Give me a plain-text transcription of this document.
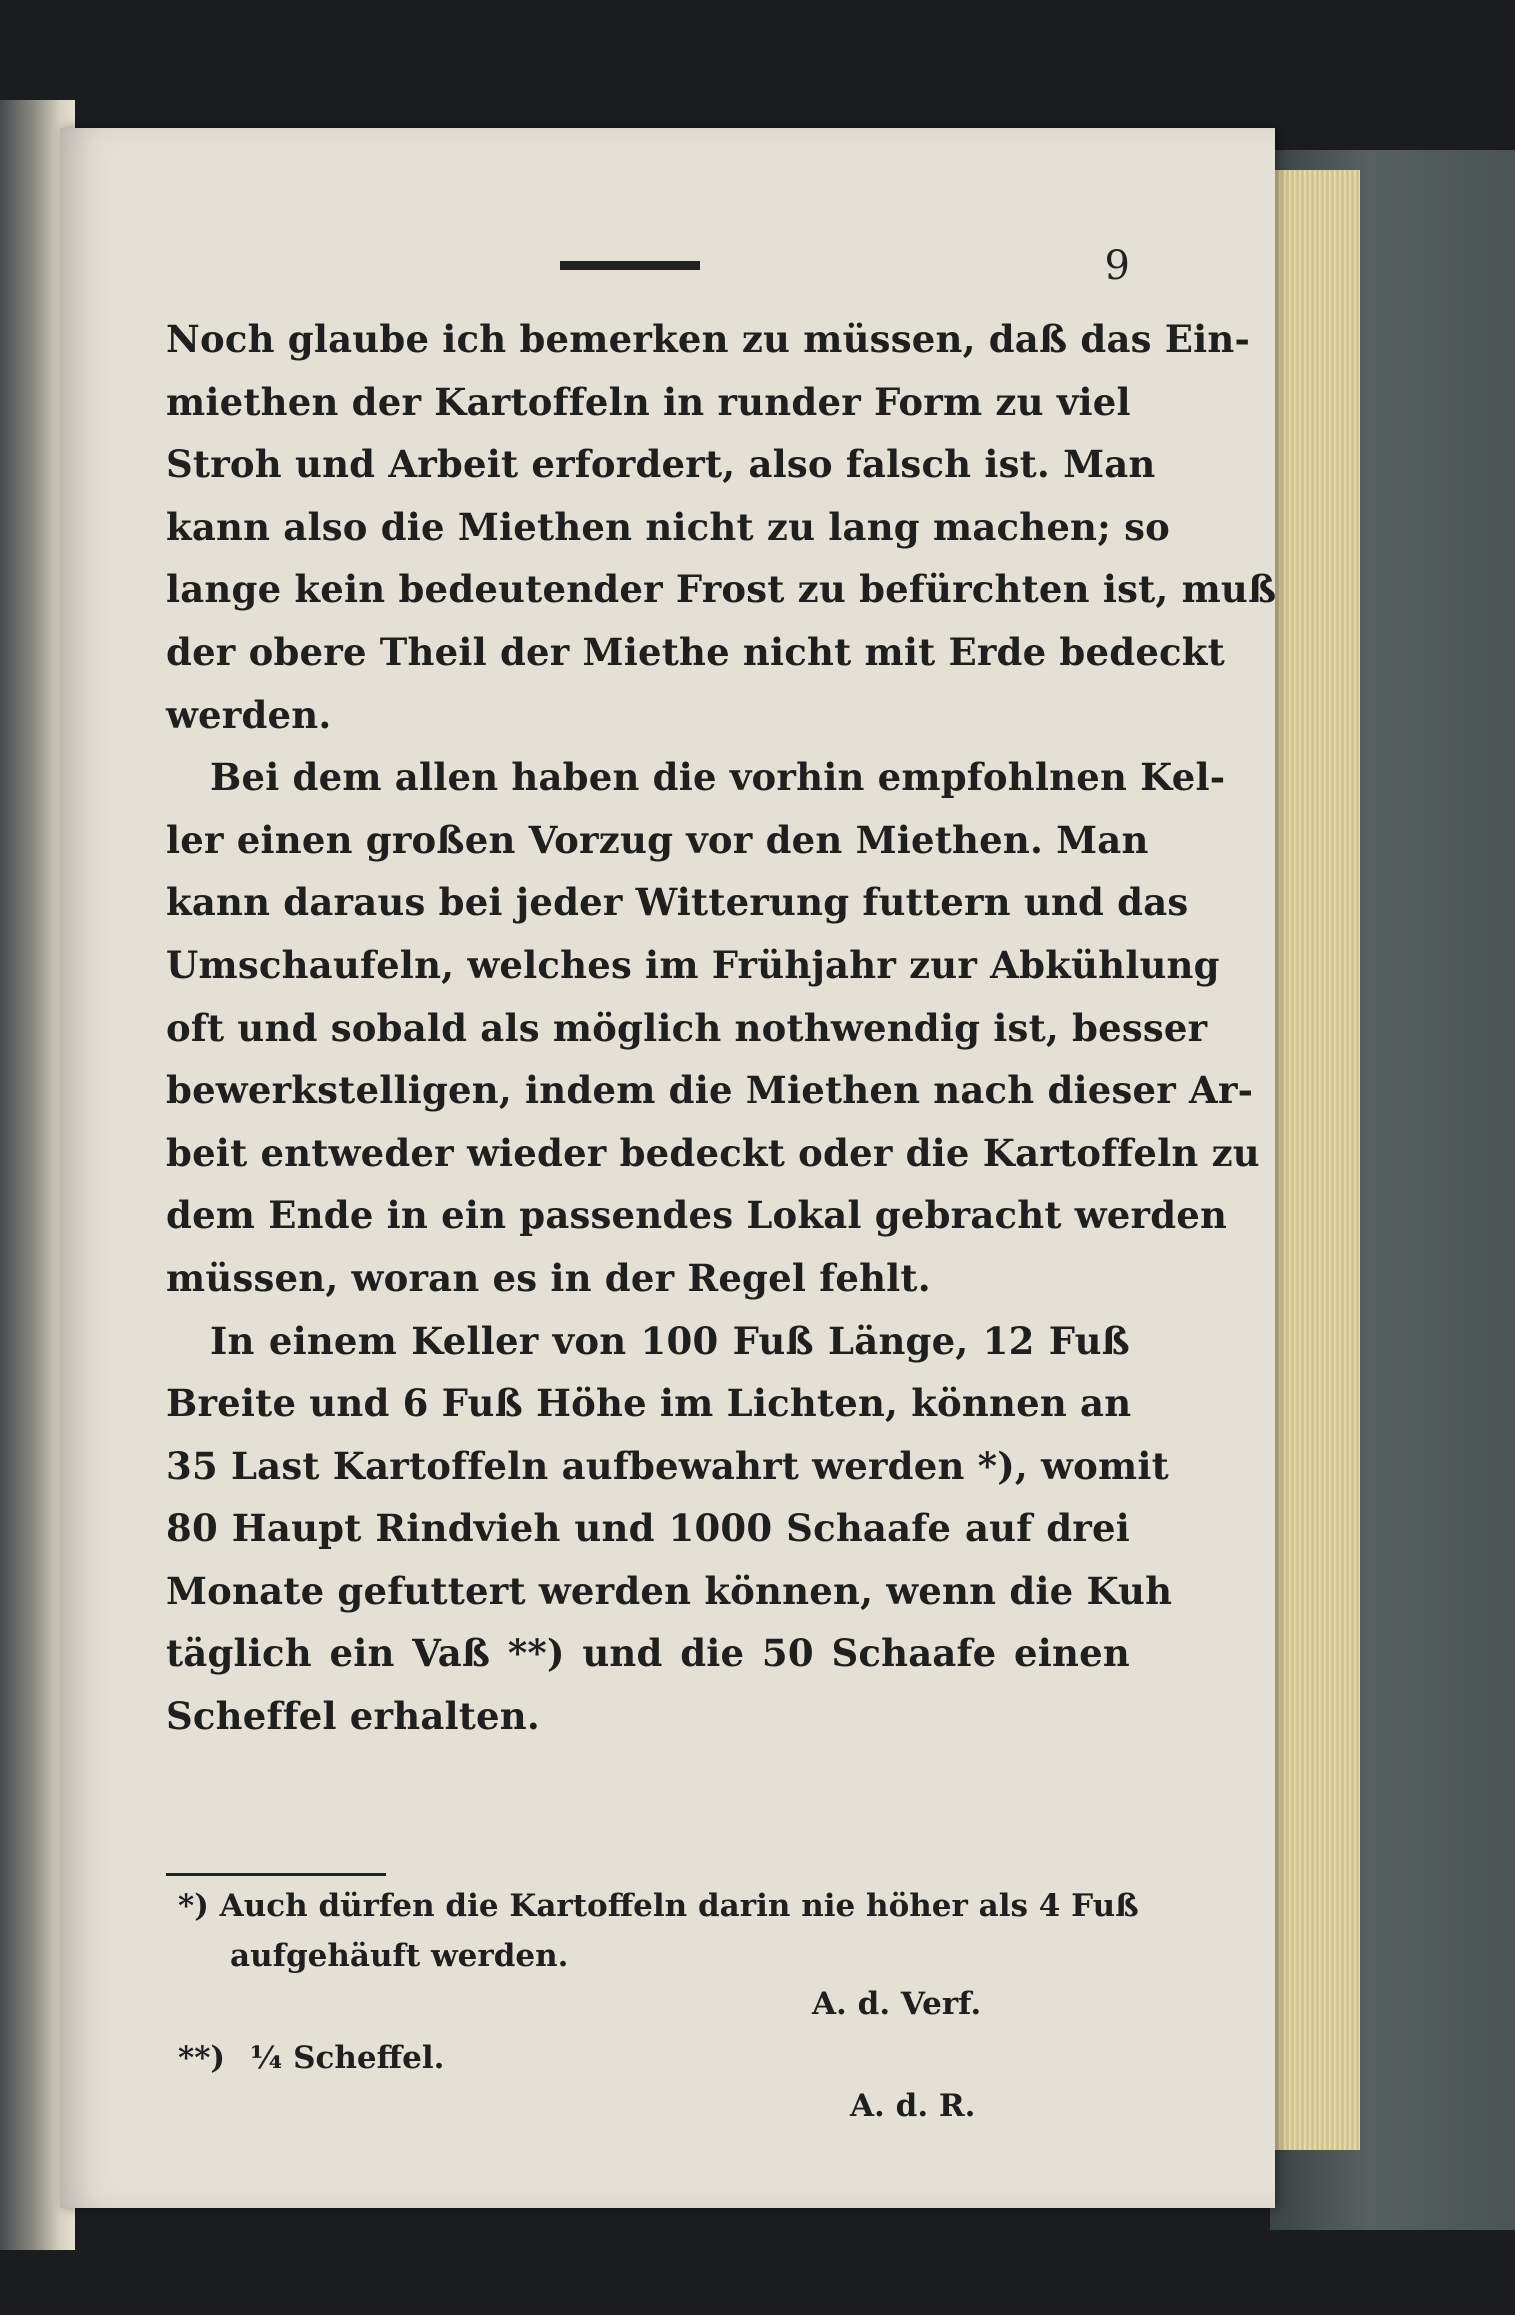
9
Noch glaube ich bemerken zu müssen, daß das Ein-
miethen der Kartoffeln in runder Form zu viel
Stroh und Arbeit erfordert, also falsch ist. Man
kann also die Miethen nicht zu lang machen; so
lange kein bedeutender Frost zu befürchten ist, muß
der obere Theil der Miethe nicht mit Erde bedeckt
werden.
Bei dem allen haben die vorhin empfohlnen Kel-
ler einen großen Vorzug vor den Miethen. Man
kann daraus bei jeder Witterung futtern und das
Umschaufeln, welches im Frühjahr zur Abkühlung
oft und sobald als möglich nothwendig ist, besser
bewerkstelligen, indem die Miethen nach dieser Ar-
beit entweder wieder bedeckt oder die Kartoffeln zu
dem Ende in ein passendes Lokal gebracht werden
müssen, woran es in der Regel fehlt.
In einem Keller von 100 Fuß Länge, 12 Fuß
Breite und 6 Fuß Höhe im Lichten, können an
35 Last Kartoffeln aufbewahrt werden *), womit
80 Haupt Rindvieh und 1000 Schaafe auf drei
Monate gefuttert werden können, wenn die Kuh
täglich ein Vaß **) und die 50 Schaafe einen
Scheffel erhalten.
*) Auch dürfen die Kartoffeln darin nie höher als 4 Fuß
aufgehäuft werden.
A. d. Verf.
**) ¼ Scheffel.
A. d. R.
